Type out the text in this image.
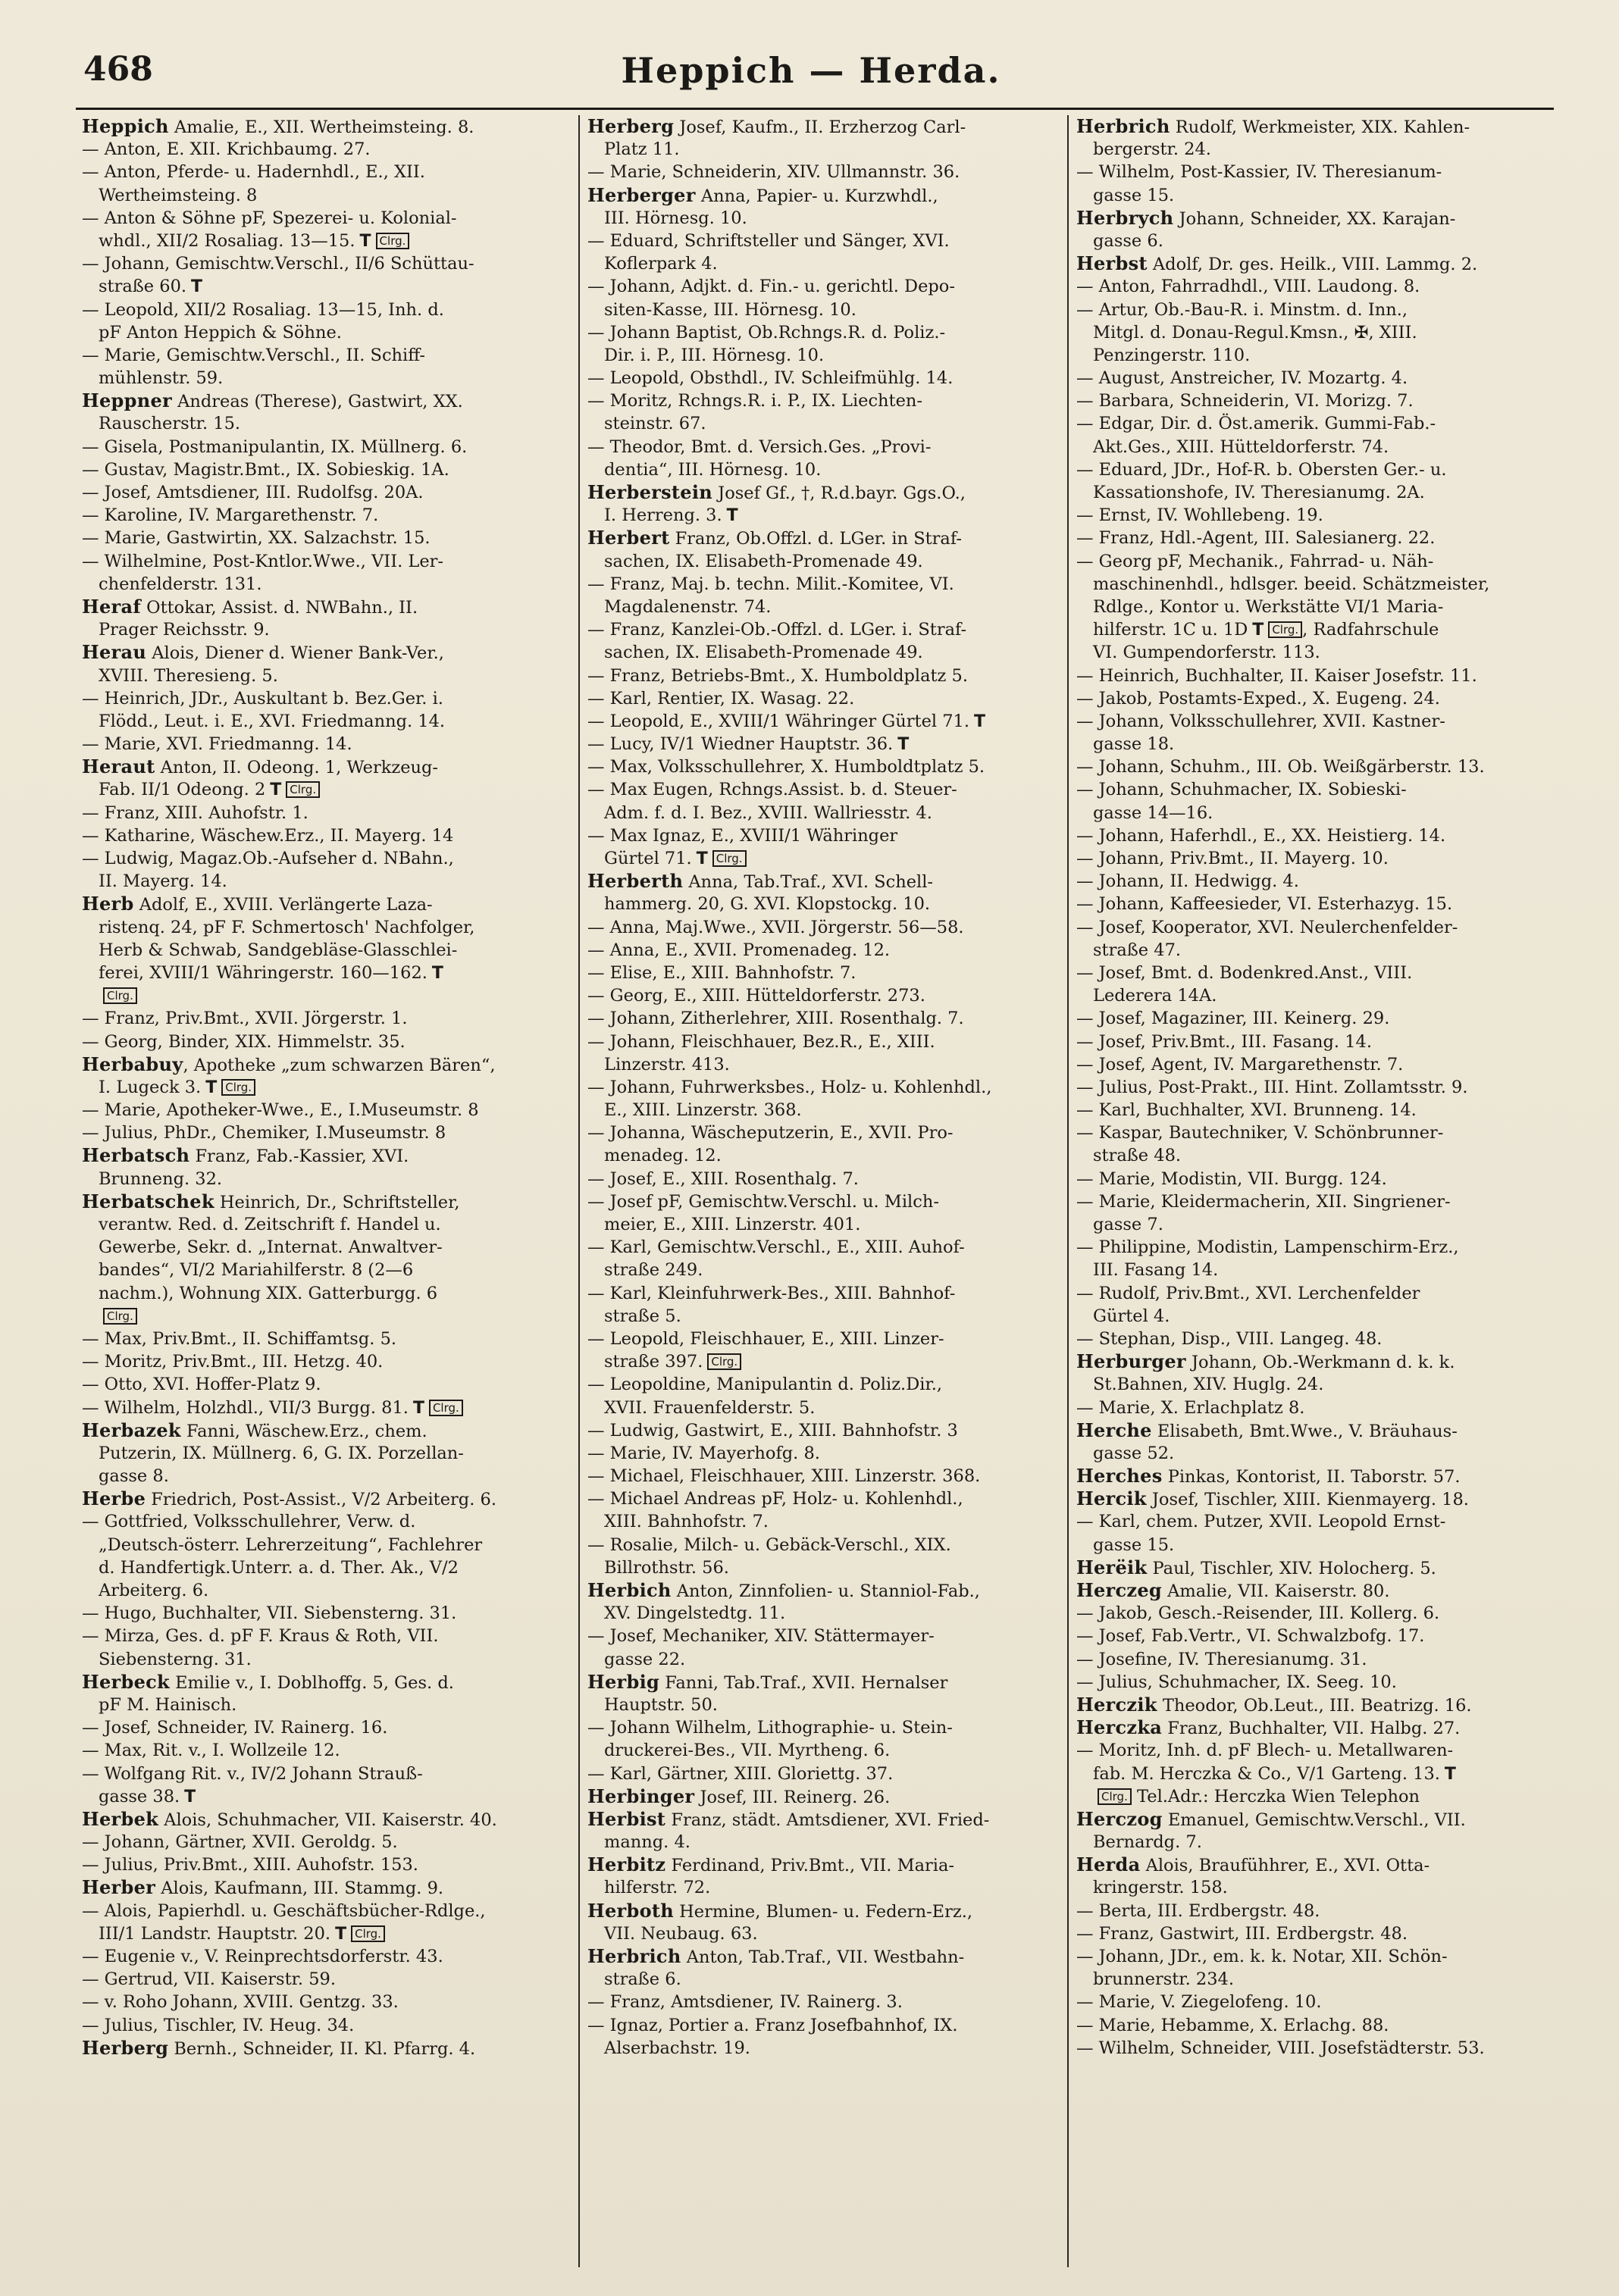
468	Heppich — Herda.
Heppich Amalie, E., XII. Wertheimsteing. 8.
— Anton, E. XII. Krichbaumg. 27.
— Anton, Pferde- u. Hadernhdl., E., XII.
Wertheimsteing. 8
— Anton & Söhne pF, Spezerei- u. Kolonial-
whdl., XII/2 Rosaliag. 13—15. T Clrg.
— Johann, Gemischtw.Verschl., II/6 Schüttau-
straße 60. T
— Leopold, XII/2 Rosaliag. 13—15, Inh. d.
pF Anton Heppich & Söhne.
— Marie, Gemischtw.Verschl., II. Schiff-
mühlenstr. 59.
Heppner Andreas (Therese), Gastwirt, XX.
Rauscherstr. 15.
— Gisela, Postmanipulantin, IX. Müllnerg. 6.
— Gustav, Magistr.Bmt., IX. Sobieskig. 1A.
— Josef, Amtsdiener, III. Rudolfsg. 20A.
— Karoline, IV. Margarethenstr. 7.
— Marie, Gastwirtin, XX. Salzachstr. 15.
— Wilhelmine, Post-Kntlor.Wwe., VII. Ler-
chenfelderstr. 131.
Heraf Ottokar, Assist. d. NWBahn., II.
Prager Reichsstr. 9.
Herau Alois, Diener d. Wiener Bank-Ver.,
XVIII. Theresieng. 5.
— Heinrich, JDr., Auskultant b. Bez.Ger. i.
Flödd., Leut. i. E., XVI. Friedmanng. 14.
— Marie, XVI. Friedmanng. 14.
Heraut Anton, II. Odeong. 1, Werkzeug-
Fab. II/1 Odeong. 2 T Clrg.
— Franz, XIII. Auhofstr. 1.
— Katharine, Wäschew.Erz., II. Mayerg. 14
— Ludwig, Magaz.Ob.-Aufseher d. NBahn.,
II. Mayerg. 14.
Herb Adolf, E., XVIII. Verlängerte Laza-
ristenq. 24, pF F. Schmertosch' Nachfolger,
Herb & Schwab, Sandgebläse-Glasschlei-
ferei, XVIII/1 Währingerstr. 160—162. T
Clrg.
— Franz, Priv.Bmt., XVII. Jörgerstr. 1.
— Georg, Binder, XIX. Himmelstr. 35.
Herbabuy, Apotheke „zum schwarzen Bären“,
I. Lugeck 3. T Clrg.
— Marie, Apotheker-Wwe., E., I.Museumstr. 8
— Julius, PhDr., Chemiker, I.Museumstr. 8
Herbatsch Franz, Fab.-Kassier, XVI.
Brunneng. 32.
Herbatschek Heinrich, Dr., Schriftsteller,
verantw. Red. d. Zeitschrift f. Handel u.
Gewerbe, Sekr. d. „Internat. Anwaltver-
bandes“, VI/2 Mariahilferstr. 8 (2—6
nachm.), Wohnung XIX. Gatterburgg. 6
Clrg.
— Max, Priv.Bmt., II. Schiffamtsg. 5.
— Moritz, Priv.Bmt., III. Hetzg. 40.
— Otto, XVI. Hoffer-Platz 9.
— Wilhelm, Holzhdl., VII/3 Burgg. 81. T Clrg.
Herbazek Fanni, Wäschew.Erz., chem.
Putzerin, IX. Müllnerg. 6, G. IX. Porzellan-
gasse 8.
Herbe Friedrich, Post-Assist., V/2 Arbeiterg. 6.
— Gottfried, Volksschullehrer, Verw. d.
„Deutsch-österr. Lehrerzeitung“, Fachlehrer
d. Handfertigk.Unterr. a. d. Ther. Ak., V/2
Arbeiterg. 6.
— Hugo, Buchhalter, VII. Siebensterng. 31.
— Mirza, Ges. d. pF F. Kraus & Roth, VII.
Siebensterng. 31.
Herbeck Emilie v., I. Doblhoffg. 5, Ges. d.
pF M. Hainisch.
— Josef, Schneider, IV. Rainerg. 16.
— Max, Rit. v., I. Wollzeile 12.
— Wolfgang Rit. v., IV/2 Johann Strauß-
gasse 38. T
Herbek Alois, Schuhmacher, VII. Kaiserstr. 40.
— Johann, Gärtner, XVII. Geroldg. 5.
— Julius, Priv.Bmt., XIII. Auhofstr. 153.
Herber Alois, Kaufmann, III. Stammg. 9.
— Alois, Papierhdl. u. Geschäftsbücher-Rdlge.,
III/1 Landstr. Hauptstr. 20. T Clrg.
— Eugenie v., V. Reinprechtsdorferstr. 43.
— Gertrud, VII. Kaiserstr. 59.
— v. Roho Johann, XVIII. Gentzg. 33.
— Julius, Tischler, IV. Heug. 34.
Herberg Bernh., Schneider, II. Kl. Pfarrg. 4.
Herberg Josef, Kaufm., II. Erzherzog Carl-
Platz 11.
— Marie, Schneiderin, XIV. Ullmannstr. 36.
Herberger Anna, Papier- u. Kurzwhdl.,
III. Hörnesg. 10.
— Eduard, Schriftsteller und Sänger, XVI.
Koflerpark 4.
— Johann, Adjkt. d. Fin.- u. gerichtl. Depo-
siten-Kasse, III. Hörnesg. 10.
— Johann Baptist, Ob.Rchngs.R. d. Poliz.-
Dir. i. P., III. Hörnesg. 10.
— Leopold, Obsthdl., IV. Schleifmühlg. 14.
— Moritz, Rchngs.R. i. P., IX. Liechten-
steinstr. 67.
— Theodor, Bmt. d. Versich.Ges. „Provi-
dentia“, III. Hörnesg. 10.
Herberstein Josef Gf., †, R.d.bayr. Ggs.O.,
I. Herreng. 3. T
Herbert Franz, Ob.Offzl. d. LGer. in Straf-
sachen, IX. Elisabeth-Promenade 49.
— Franz, Maj. b. techn. Milit.-Komitee, VI.
Magdalenenstr. 74.
— Franz, Kanzlei-Ob.-Offzl. d. LGer. i. Straf-
sachen, IX. Elisabeth-Promenade 49.
— Franz, Betriebs-Bmt., X. Humboldplatz 5.
— Karl, Rentier, IX. Wasag. 22.
— Leopold, E., XVIII/1 Währinger Gürtel 71. T
— Lucy, IV/1 Wiedner Hauptstr. 36. T
— Max, Volksschullehrer, X. Humboldtplatz 5.
— Max Eugen, Rchngs.Assist. b. d. Steuer-
Adm. f. d. I. Bez., XVIII. Wallriesstr. 4.
— Max Ignaz, E., XVIII/1 Währinger
Gürtel 71. T Clrg.
Herberth Anna, Tab.Traf., XVI. Schell-
hammerg. 20, G. XVI. Klopstockg. 10.
— Anna, Maj.Wwe., XVII. Jörgerstr. 56—58.
— Anna, E., XVII. Promenadeg. 12.
— Elise, E., XIII. Bahnhofstr. 7.
— Georg, E., XIII. Hütteldorferstr. 273.
— Johann, Zitherlehrer, XIII. Rosenthalg. 7.
— Johann, Fleischhauer, Bez.R., E., XIII.
Linzerstr. 413.
— Johann, Fuhrwerksbes., Holz- u. Kohlenhdl.,
E., XIII. Linzerstr. 368.
— Johanna, Wäscheputzerin, E., XVII. Pro-
menadeg. 12.
— Josef, E., XIII. Rosenthalg. 7.
— Josef pF, Gemischtw.Verschl. u. Milch-
meier, E., XIII. Linzerstr. 401.
— Karl, Gemischtw.Verschl., E., XIII. Auhof-
straße 249.
— Karl, Kleinfuhrwerk-Bes., XIII. Bahnhof-
straße 5.
— Leopold, Fleischhauer, E., XIII. Linzer-
straße 397. Clrg.
— Leopoldine, Manipulantin d. Poliz.Dir.,
XVII. Frauenfelderstr. 5.
— Ludwig, Gastwirt, E., XIII. Bahnhofstr. 3
— Marie, IV. Mayerhofg. 8.
— Michael, Fleischhauer, XIII. Linzerstr. 368.
— Michael Andreas pF, Holz- u. Kohlenhdl.,
XIII. Bahnhofstr. 7.
— Rosalie, Milch- u. Gebäck-Verschl., XIX.
Billrothstr. 56.
Herbich Anton, Zinnfolien- u. Stanniol-Fab.,
XV. Dingelstedtg. 11.
— Josef, Mechaniker, XIV. Stättermayer-
gasse 22.
Herbig Fanni, Tab.Traf., XVII. Hernalser
Hauptstr. 50.
— Johann Wilhelm, Lithographie- u. Stein-
druckerei-Bes., VII. Myrtheng. 6.
— Karl, Gärtner, XIII. Gloriettg. 37.
Herbinger Josef, III. Reinerg. 26.
Herbist Franz, städt. Amtsdiener, XVI. Fried-
manng. 4.
Herbitz Ferdinand, Priv.Bmt., VII. Maria-
hilferstr. 72.
Herboth Hermine, Blumen- u. Federn-Erz.,
VII. Neubaug. 63.
Herbrich Anton, Tab.Traf., VII. Westbahn-
straße 6.
— Franz, Amtsdiener, IV. Rainerg. 3.
— Ignaz, Portier a. Franz Josefbahnhof, IX.
Alserbachstr. 19.
Herbrich Rudolf, Werkmeister, XIX. Kahlen-
bergerstr. 24.
— Wilhelm, Post-Kassier, IV. Theresianum-
gasse 15.
Herbrych Johann, Schneider, XX. Karajan-
gasse 6.
Herbst Adolf, Dr. ges. Heilk., VIII. Lammg. 2.
— Anton, Fahrradhdl., VIII. Laudong. 8.
— Artur, Ob.-Bau-R. i. Minstm. d. Inn.,
Mitgl. d. Donau-Regul.Kmsn., ✠, XIII.
Penzingerstr. 110.
— August, Anstreicher, IV. Mozartg. 4.
— Barbara, Schneiderin, VI. Morizg. 7.
— Edgar, Dir. d. Öst.amerik. Gummi-Fab.-
Akt.Ges., XIII. Hütteldorferstr. 74.
— Eduard, JDr., Hof-R. b. Obersten Ger.- u.
Kassationshofe, IV. Theresianumg. 2A.
— Ernst, IV. Wohllebeng. 19.
— Franz, Hdl.-Agent, III. Salesianerg. 22.
— Georg pF, Mechanik., Fahrrad- u. Näh-
maschinenhdl., hdlsger. beeid. Schätzmeister,
Rdlge., Kontor u. Werkstätte VI/1 Maria-
hilferstr. 1C u. 1D T Clrg. , Radfahrschule
VI. Gumpendorferstr. 113.
— Heinrich, Buchhalter, II. Kaiser Josefstr. 11.
— Jakob, Postamts-Exped., X. Eugeng. 24.
— Johann, Volksschullehrer, XVII. Kastner-
gasse 18.
— Johann, Schuhm., III. Ob. Weißgärberstr. 13.
— Johann, Schuhmacher, IX. Sobieski-
gasse 14—16.
— Johann, Haferhdl., E., XX. Heistierg. 14.
— Johann, Priv.Bmt., II. Mayerg. 10.
— Johann, II. Hedwigg. 4.
— Johann, Kaffeesieder, VI. Esterhazyg. 15.
— Josef, Kooperator, XVI. Neulerchenfelder-
straße 47.
— Josef, Bmt. d. Bodenkred.Anst., VIII.
Lederera 14A.
— Josef, Magaziner, III. Keinerg. 29.
— Josef, Priv.Bmt., III. Fasang. 14.
— Josef, Agent, IV. Margarethenstr. 7.
— Julius, Post-Prakt., III. Hint. Zollamtsstr. 9.
— Karl, Buchhalter, XVI. Brunneng. 14.
— Kaspar, Bautechniker, V. Schönbrunner-
straße 48.
— Marie, Modistin, VII. Burgg. 124.
— Marie, Kleidermacherin, XII. Singriener-
gasse 7.
— Philippine, Modistin, Lampenschirm-Erz.,
III. Fasang 14.
— Rudolf, Priv.Bmt., XVI. Lerchenfelder
Gürtel 4.
— Stephan, Disp., VIII. Langeg. 48.
Herburger Johann, Ob.-Werkmann d. k. k.
St.Bahnen, XIV. Huglg. 24.
— Marie, X. Erlachplatz 8.
Herche Elisabeth, Bmt.Wwe., V. Bräuhaus-
gasse 52.
Herches Pinkas, Kontorist, II. Taborstr. 57.
Hercik Josef, Tischler, XIII. Kienmayerg. 18.
— Karl, chem. Putzer, XVII. Leopold Ernst-
gasse 15.
Herëik Paul, Tischler, XIV. Holocherg. 5.
Herczeg Amalie, VII. Kaiserstr. 80.
— Jakob, Gesch.-Reisender, III. Kollerg. 6.
— Josef, Fab.Vertr., VI. Schwalzbofg. 17.
— Josefine, IV. Theresianumg. 31.
— Julius, Schuhmacher, IX. Seeg. 10.
Herczik Theodor, Ob.Leut., III. Beatrizg. 16.
Herczka Franz, Buchhalter, VII. Halbg. 27.
— Moritz, Inh. d. pF Blech- u. Metallwaren-
fab. M. Herczka & Co., V/1 Garteng. 13. T
Clrg. Tel.Adr.: Herczka Wien Telephon
Herczog Emanuel, Gemischtw.Verschl., VII.
Bernardg. 7.
Herda Alois, Braufühhrer, E., XVI. Otta-
kringerstr. 158.
— Berta, III. Erdbergstr. 48.
— Franz, Gastwirt, III. Erdbergstr. 48.
— Johann, JDr., em. k. k. Notar, XII. Schön-
brunnerstr. 234.
— Marie, V. Ziegelofeng. 10.
— Marie, Hebamme, X. Erlachg. 88.
— Wilhelm, Schneider, VIII. Josefstädterstr. 53.
